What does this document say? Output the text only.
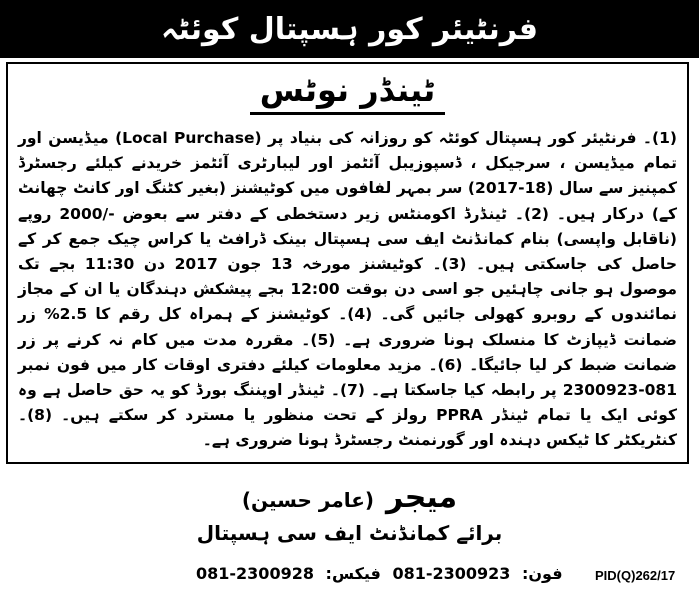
فرنٹیئر کور ہسپتال کوئٹہ
ٹینڈر نوٹس
(1)۔ فرنٹیئر کور ہسپتال کوئٹہ کو روزانہ کی بنیاد پر (Local Purchase) میڈیسن اور تمام میڈیسن ، سرجیکل ، ڈسپوزیبل آئٹمز اور لیبارٹری آئٹمز خریدنے کیلئے رجسٹرڈ کمپنیز سے سال (18-2017) سر بمہر لفافوں میں کوٹیشنز (بغیر کٹنگ اور کانٹ چھانٹ کے) درکار ہیں۔ (2)۔ ٹینڈرڈ اکومنٹس زیر دستخطی کے دفتر سے بعوض -/2000 روپے (ناقابل واپسی) بنام کمانڈنٹ ایف سی ہسپتال بینک ڈرافٹ یا کراس چیک جمع کر کے حاصل کی جاسکتی ہیں۔ (3)۔ کوٹیشنز مورخہ 13 جون 2017 دن 11:30 بجے تک موصول ہو جانی چاہئیں جو اسی دن بوقت 12:00 بجے پیشکش دہندگان یا ان کے مجاز نمائندوں کے روبرو کھولی جائیں گی۔ (4)۔ کوٹیشنز کے ہمراہ کل رقم کا 2.5% زر ضمانت ڈیپازٹ کا منسلک ہونا ضروری ہے۔ (5)۔ مقررہ مدت میں کام نہ کرنے پر زر ضمانت ضبط کر لیا جائیگا۔ (6)۔ مزید معلومات کیلئے دفتری اوقات کار میں فون نمبر 081-2300923 پر رابطہ کیا جاسکتا ہے۔ (7)۔ ٹینڈر اوپننگ بورڈ کو یہ حق حاصل ہے وہ کوئی ایک یا تمام ٹینڈر PPRA رولز کے تحت منظور یا مسترد کر سکتے ہیں۔ (8)۔ کنٹریکٹر کا ٹیکس دہندہ اور گورنمنٹ رجسٹرڈ ہونا ضروری ہے۔
میجر
(عامر حسین)
برائے کمانڈنٹ ایف سی ہسپتال
فون: 081-2300923 فیکس: 081-2300928	PID(Q)262/17
